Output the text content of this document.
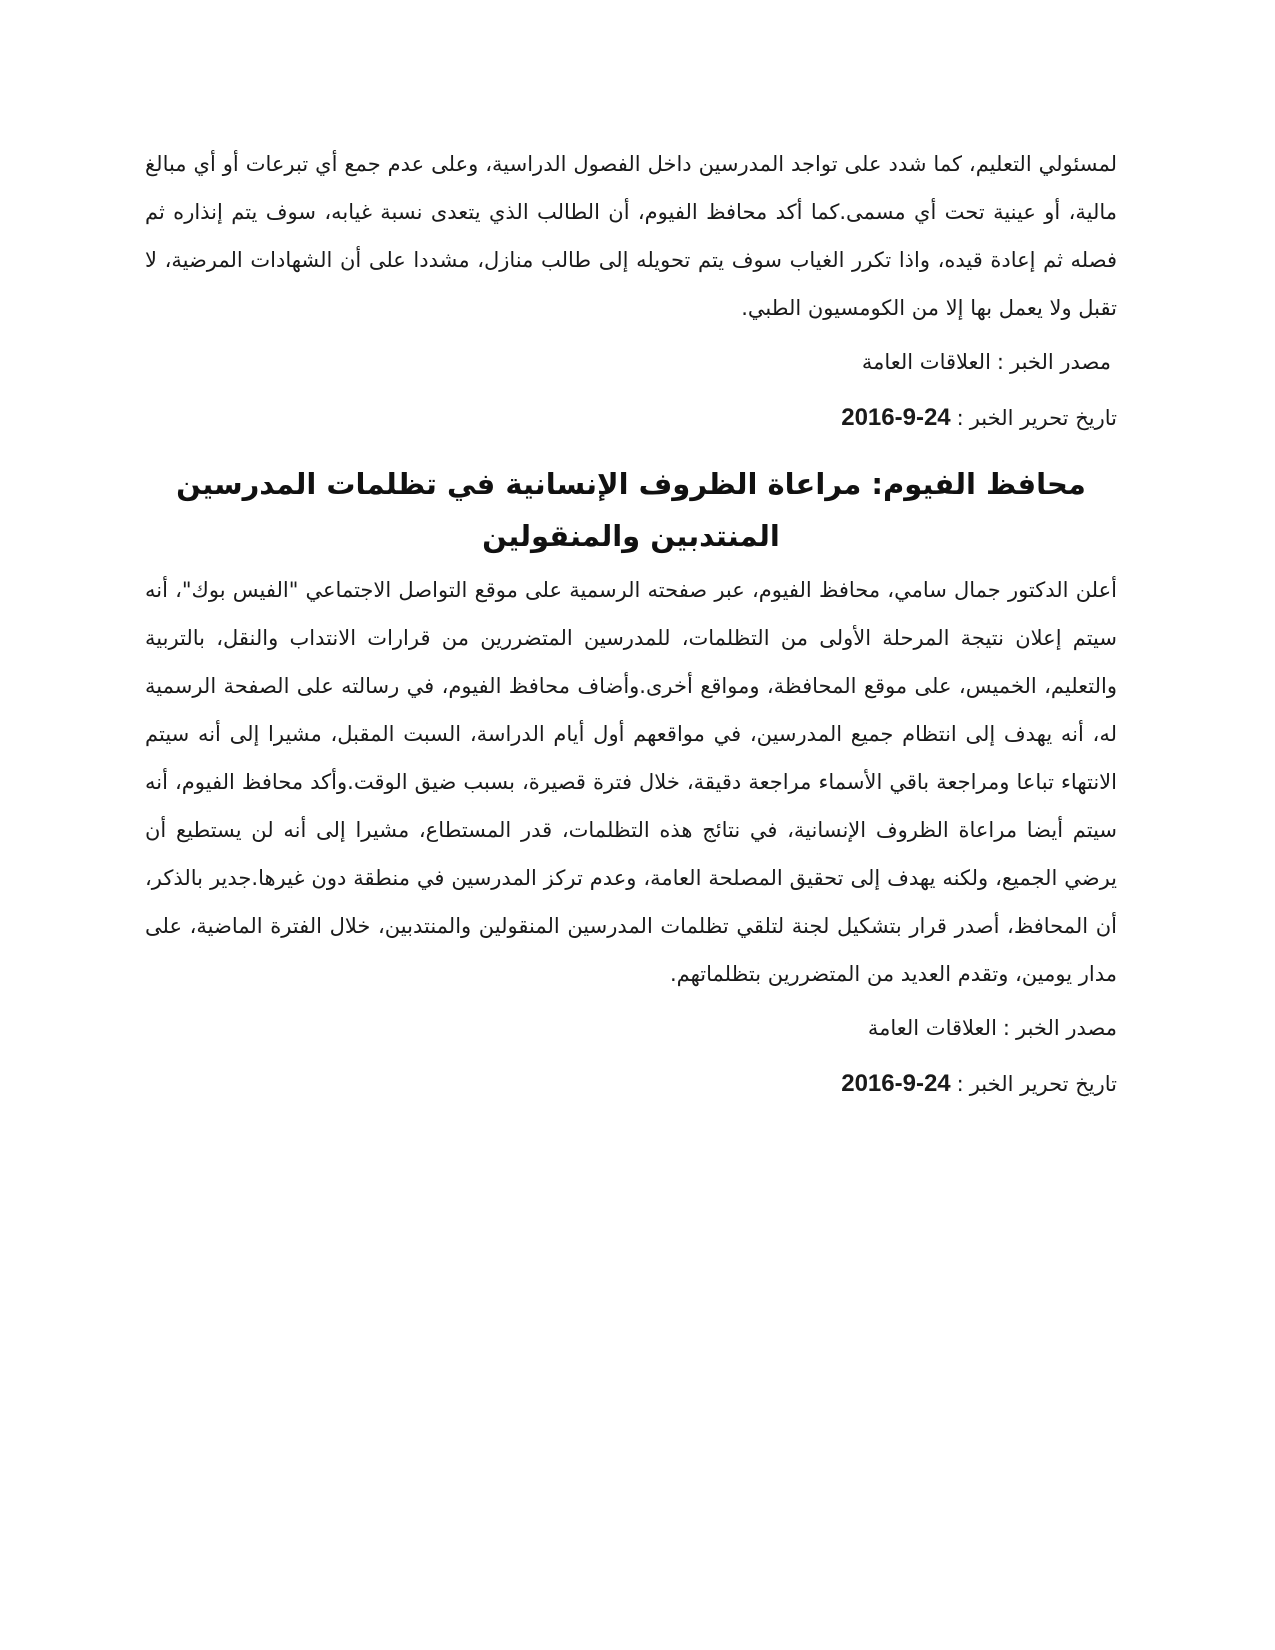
لمسئولي التعليم، كما شدد على تواجد المدرسين داخل الفصول الدراسية، وعلى عدم جمع أي تبرعات أو أي مبالغ مالية، أو عينية تحت أي مسمى.كما أكد محافظ الفيوم، أن الطالب الذي يتعدى نسبة غيابه، سوف يتم إنذاره ثم فصله ثم إعادة قيده، واذا تكرر الغياب سوف يتم تحويله إلى طالب منازل، مشددا على أن الشهادات المرضية، لا تقبل ولا يعمل بها إلا من الكومسيون الطبي.

مصدر الخبر:العلاقات العامة

تاريخ تحرير الخبر:2016-9-24

محافظ الفيوم: مراعاة الظروف الإنسانية في تظلمات المدرسين المنتدبين والمنقولين

أعلن الدكتور جمال سامي، محافظ الفيوم، عبر صفحته الرسمية على موقع التواصل الاجتماعي "الفيس بوك"، أنه سيتم إعلان نتيجة المرحلة الأولى من التظلمات، للمدرسين المتضررين من قرارات الانتداب والنقل، بالتربية والتعليم، الخميس، على موقع المحافظة، ومواقع أخرى.وأضاف محافظ الفيوم، في رسالته على الصفحة الرسمية له، أنه يهدف إلى انتظام جميع المدرسين، في مواقعهم أول أيام الدراسة، السبت المقبل، مشيرا إلى أنه سيتم الانتهاء تباعا ومراجعة باقي الأسماء مراجعة دقيقة، خلال فترة قصيرة، بسبب ضيق الوقت.وأكد محافظ الفيوم، أنه سيتم أيضا مراعاة الظروف الإنسانية، في نتائج هذه التظلمات، قدر المستطاع، مشيرا إلى أنه لن يستطيع أن يرضي الجميع، ولكنه يهدف إلى تحقيق المصلحة العامة، وعدم تركز المدرسين في منطقة دون غيرها.جدير بالذكر، أن المحافظ، أصدر قرار بتشكيل لجنة لتلقي تظلمات المدرسين المنقولين والمنتدبين، خلال الفترة الماضية، على مدار يومين، وتقدم العديد من المتضررين بتظلماتهم.

مصدر الخبر:العلاقات العامة

تاريخ تحرير الخبر:2016-9-24
